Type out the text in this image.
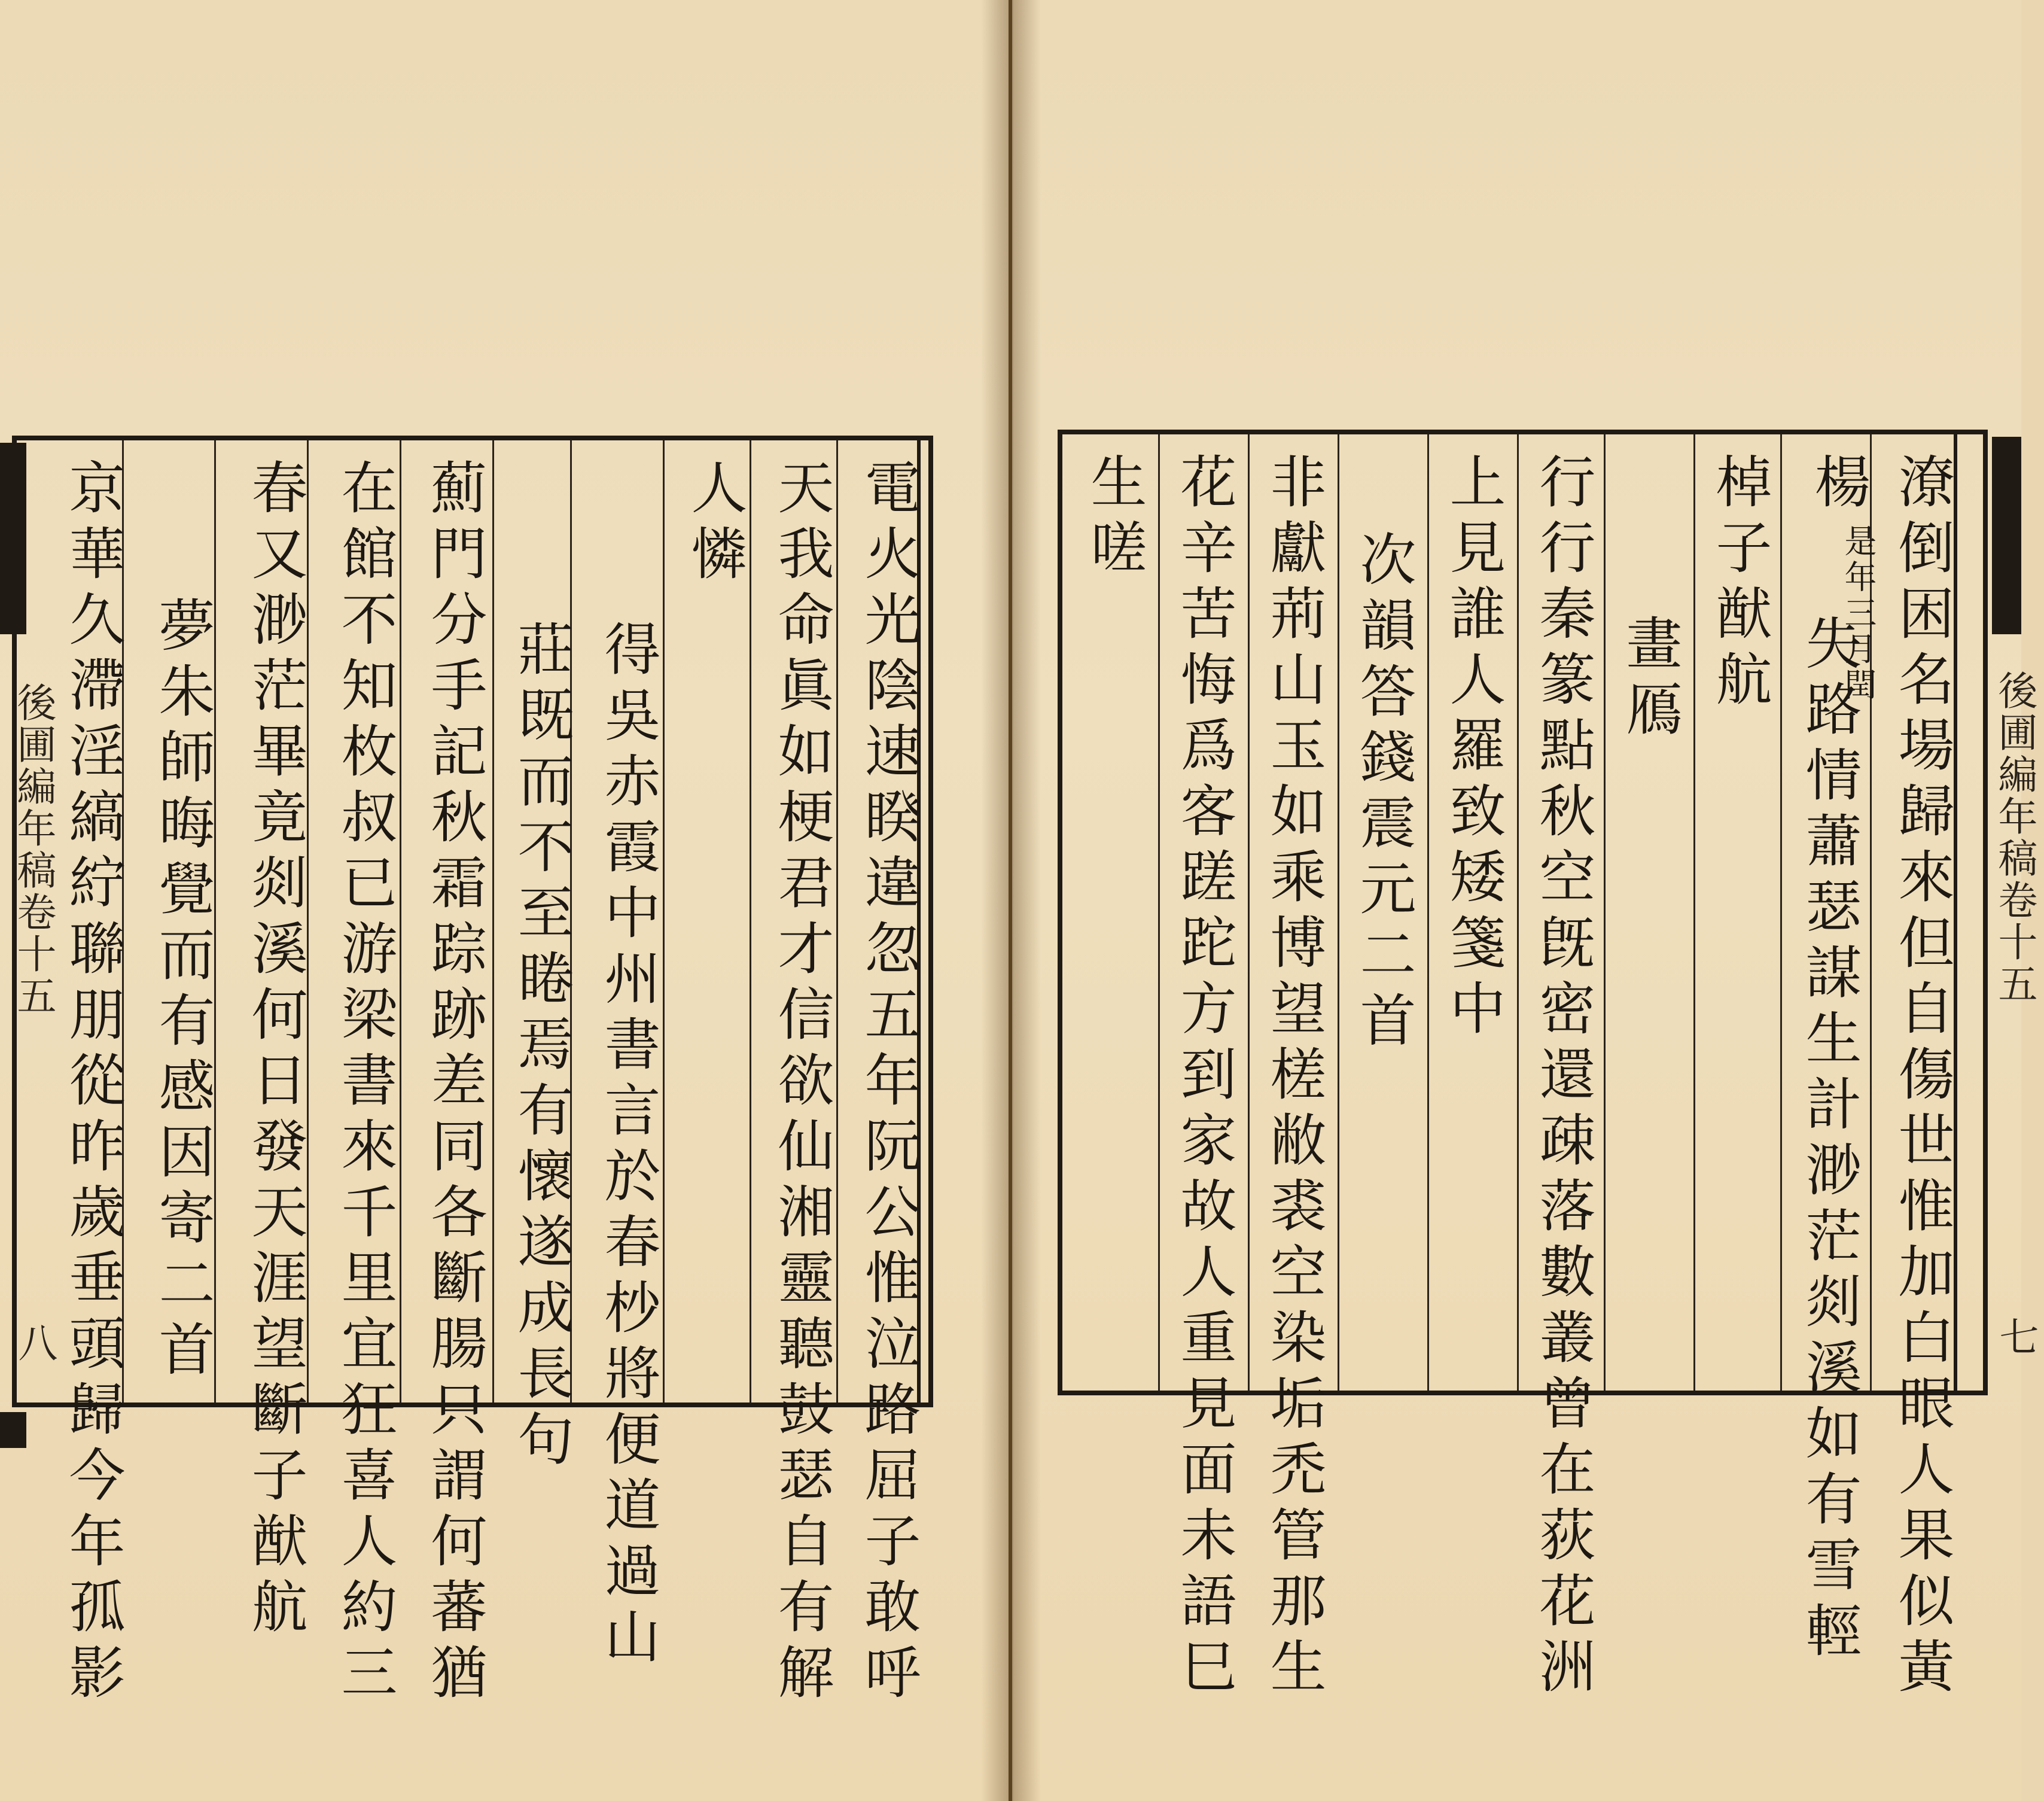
京華久滯淫縞紵聯朋從昨歲垂頭歸今年孤影 夢朱師晦覺而有感因寄二首 春又渺茫畢竟剡溪何日發天涯望斷子猷航 在館不知枚叔已游梁書來千里宜狂喜人約三 薊門分手記秋霜踪跡差同各斷腸只謂何蕃猶 莊既而不至睠焉有懷遂成長句 得吳赤霞中州書言於春杪將便道過山
人憐 天我命眞如梗君才信欲仙湘靈聽鼓瑟自有解 電火光陰速睽違忽五年阮公惟泣路屈子敢呼
後圃編年稿卷十五
八
生嗟 花辛苦悔爲客蹉跎方到家故人重見面未語巳 非獻荊山玉如乘博望槎敝裘空染垢禿管那生 次韻答錢震元二首 上見誰人羅致矮箋中 行行秦篆點秋空旣密還疎落數叢曾在荻花洲 畫鴈 棹子猷航
失路情蕭瑟謀生計渺茫剡溪如有雪輕
楊
是年三月閏 潦倒困名場歸來但自傷世惟加白眼人果似黃 後圃編年稿卷十五
七
